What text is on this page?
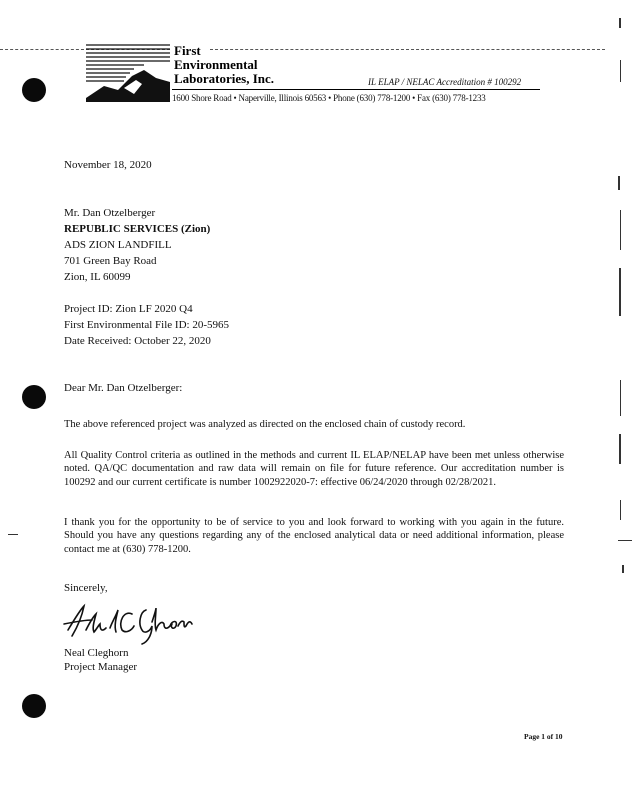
First
Environmental
Laboratories, Inc.	IL ELAP / NELAC Accreditation # 100292
1600 Shore Road • Naperville, Illinois 60563 • Phone (630) 778-1200 • Fax (630) 778-1233
November 18, 2020
Mr. Dan Otzelberger
REPUBLIC SERVICES (Zion)
ADS ZION LANDFILL
701 Green Bay Road
Zion, IL 60099
Project ID: Zion LF 2020 Q4
First Environmental File ID: 20-5965
Date Received: October 22, 2020
Dear Mr. Dan Otzelberger:

The above referenced project was analyzed as directed on the enclosed chain of custody record.

All Quality Control criteria as outlined in the methods and current IL ELAP/NELAP have been met unless otherwise noted. QA/QC documentation and raw data will remain on file for future reference. Our accreditation number is 100292 and our current certificate is number 1002922020-7: effective 06/24/2020 through 02/28/2021.

I thank you for the opportunity to be of service to you and look forward to working with you again in the future. Should you have any questions regarding any of the enclosed analytical data or need additional information, please contact me at (630) 778-1200.

Sincerely,
Neal Cleghorn
Project Manager
Page 1 of 10
